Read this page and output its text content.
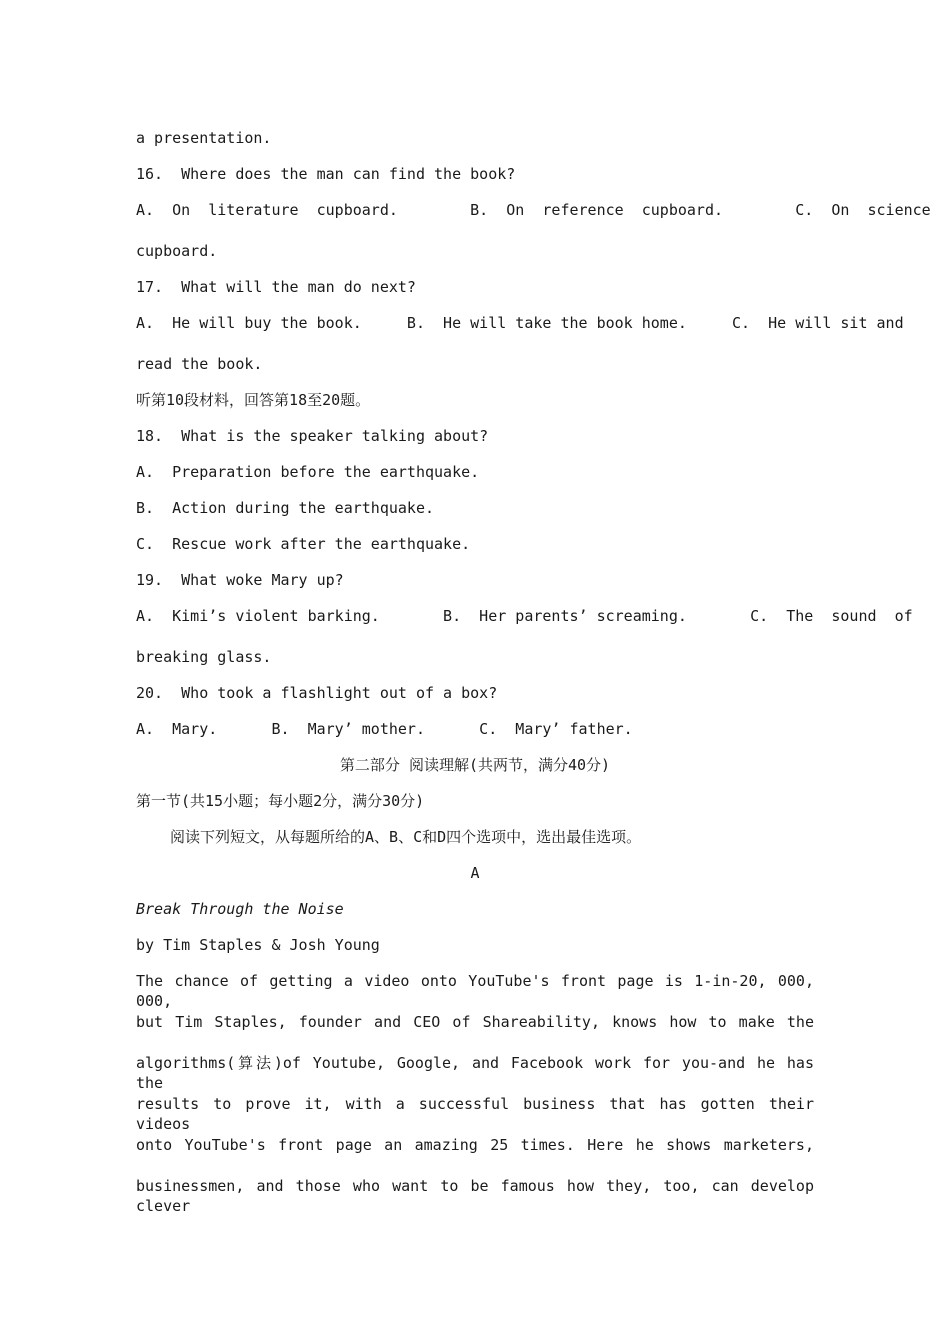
a presentation.
16.  Where does the man can find the book?
A.  On  literature  cupboard.        B.  On  reference  cupboard.        C.  On  science
cupboard.
17.  What will the man do next?
A.  He will buy the book.     B.  He will take the book home.     C.  He will sit and
read the book.
听第10段材料，回答第18至20题。
18.  What is the speaker talking about?
A.  Preparation before the earthquake.
B.  Action during the earthquake.
C.  Rescue work after the earthquake.
19.  What woke Mary up?
A.  Kimi’s violent barking.       B.  Her parents’ screaming.       C.  The  sound  of
breaking glass.
20.  Who took a flashlight out of a box?
A.  Mary.      B.  Mary’ mother.      C.  Mary’ father.
第二部分 阅读理解(共两节，满分40分)
第一节(共15小题；每小题2分，满分30分)
阅读下列短文，从每题所给的A、B、C和D四个选项中，选出最佳选项。
A
Break Through the Noise
by Tim Staples & Josh Young
The chance of getting a video onto YouTube's front page is 1-in-20, 000, 000,
but Tim Staples, founder and CEO of Shareability, knows how to make the
algorithms(算法)of Youtube, Google, and Facebook work for you-and he has the
results to prove it, with a successful business that has gotten their videos
onto YouTube's front page an amazing 25 times. Here he shows marketers,
businessmen, and those who want to be famous how they, too, can develop clever
